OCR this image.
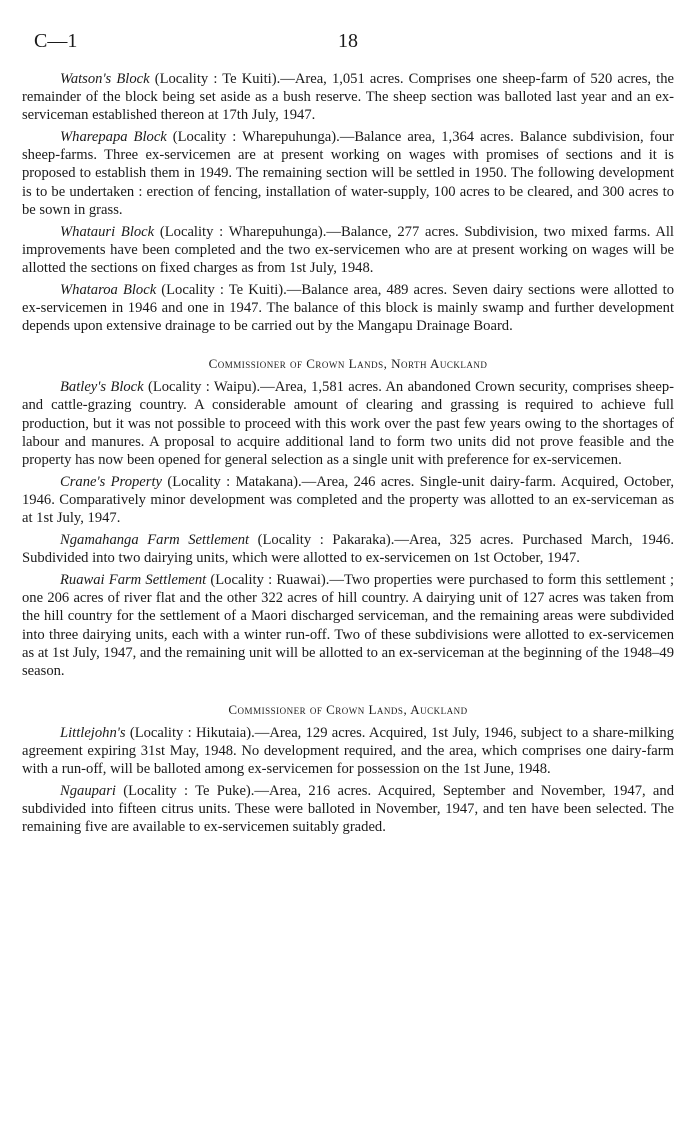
C—1	18

Watson's Block (Locality : Te Kuiti).—Area, 1,051 acres. Comprises one sheep-farm of 520 acres, the remainder of the block being set aside as a bush reserve. The sheep section was balloted last year and an ex-serviceman established thereon at 17th July, 1947.

Wharepapa Block (Locality : Wharepuhunga).—Balance area, 1,364 acres. Balance subdivision, four sheep-farms. Three ex-servicemen are at present working on wages with promises of sections and it is proposed to establish them in 1949. The remaining section will be settled in 1950. The following development is to be undertaken : erection of fencing, installation of water-supply, 100 acres to be cleared, and 300 acres to be sown in grass.

Whatauri Block (Locality : Wharepuhunga).—Balance, 277 acres. Subdivision, two mixed farms. All improvements have been completed and the two ex-servicemen who are at present working on wages will be allotted the sections on fixed charges as from 1st July, 1948.

Whataroa Block (Locality : Te Kuiti).—Balance area, 489 acres. Seven dairy sections were allotted to ex-servicemen in 1946 and one in 1947. The balance of this block is mainly swamp and further development depends upon extensive drainage to be carried out by the Mangapu Drainage Board.

Commissioner of Crown Lands, North Auckland

Batley's Block (Locality : Waipu).—Area, 1,581 acres. An abandoned Crown security, comprises sheep- and cattle-grazing country. A considerable amount of clearing and grassing is required to achieve full production, but it was not possible to proceed with this work over the past few years owing to the shortages of labour and manures. A proposal to acquire additional land to form two units did not prove feasible and the property has now been opened for general selection as a single unit with preference for ex-servicemen.

Crane's Property (Locality : Matakana).—Area, 246 acres. Single-unit dairy-farm. Acquired, October, 1946. Comparatively minor development was completed and the property was allotted to an ex-serviceman as at 1st July, 1947.

Ngamahanga Farm Settlement (Locality : Pakaraka).—Area, 325 acres. Purchased March, 1946. Subdivided into two dairying units, which were allotted to ex-servicemen on 1st October, 1947.

Ruawai Farm Settlement (Locality : Ruawai).—Two properties were purchased to form this settlement ; one 206 acres of river flat and the other 322 acres of hill country. A dairying unit of 127 acres was taken from the hill country for the settlement of a Maori discharged serviceman, and the remaining areas were subdivided into three dairying units, each with a winter run-off. Two of these subdivisions were allotted to ex-servicemen as at 1st July, 1947, and the remaining unit will be allotted to an ex-serviceman at the beginning of the 1948–49 season.

Commissioner of Crown Lands, Auckland

Littlejohn's (Locality : Hikutaia).—Area, 129 acres. Acquired, 1st July, 1946, subject to a share-milking agreement expiring 31st May, 1948. No development required, and the area, which comprises one dairy-farm with a run-off, will be balloted among ex-servicemen for possession on the 1st June, 1948.

Ngaupari (Locality : Te Puke).—Area, 216 acres. Acquired, September and November, 1947, and subdivided into fifteen citrus units. These were balloted in November, 1947, and ten have been selected. The remaining five are available to ex-servicemen suitably graded.
